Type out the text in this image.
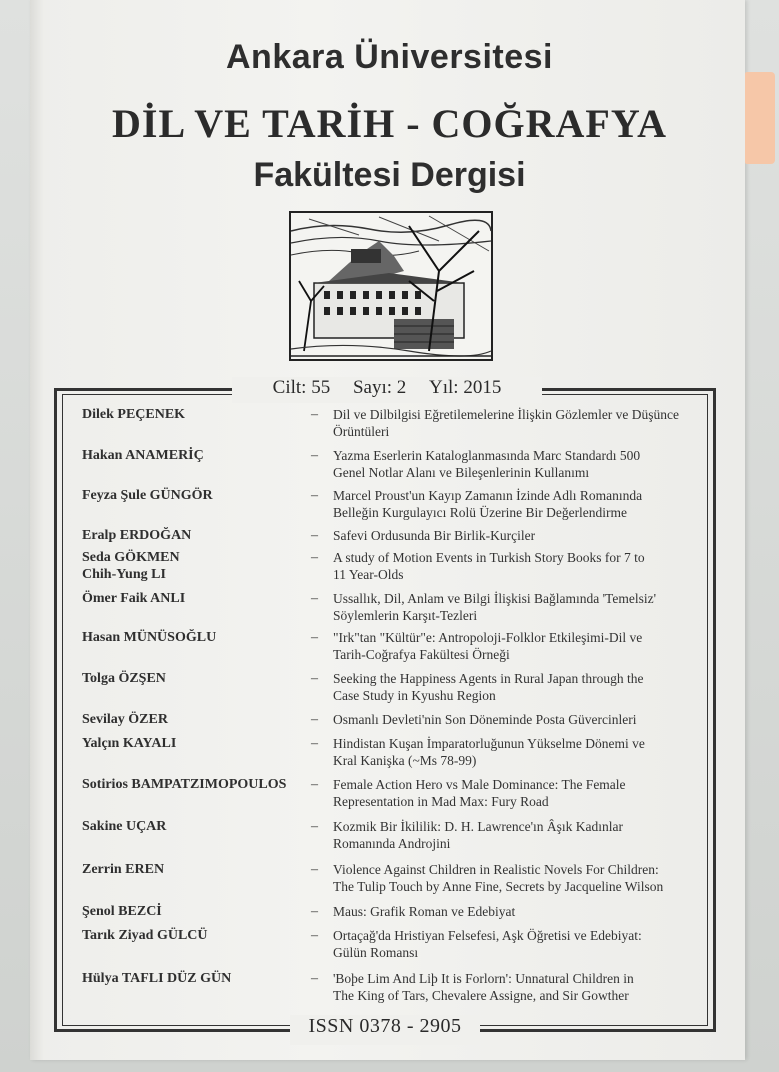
Ankara Üniversitesi
DİL VE TARİH - COĞRAFYA
Fakültesi Dergisi
Cilt: 55 Sayı: 2 Yıl: 2015
Dilek PEÇENEK	–	Dil ve Dilbilgisi Eğretilemelerine İlişkin Gözlemler ve Düşünce
Örüntüleri
Hakan ANAMERİÇ	–	Yazma Eserlerin Kataloglanmasında Marc Standardı 500
Genel Notlar Alanı ve Bileşenlerinin Kullanımı
Feyza Şule GÜNGÖR	–	Marcel Proust'un Kayıp Zamanın İzinde Adlı Romanında
Belleğin Kurgulayıcı Rolü Üzerine Bir Değerlendirme
Eralp ERDOĞAN	–	Safevi Ordusunda Bir Birlik-Kurçiler
Seda GÖKMEN
Chih-Yung LI
–	A study of Motion Events in Turkish Story Books for 7 to
11 Year-Olds
Ömer Faik ANLI	–	Ussallık, Dil, Anlam ve Bilgi İlişkisi Bağlamında 'Temelsiz'
Söylemlerin Karşıt-Tezleri
Hasan MÜNÜSOĞLU	–	"Irk"tan "Kültür"e: Antropoloji-Folklor Etkileşimi-Dil ve
Tarih-Coğrafya Fakültesi Örneği
Tolga ÖZŞEN	–	Seeking the Happiness Agents in Rural Japan through the
Case Study in Kyushu Region
Sevilay ÖZER	–	Osmanlı Devleti'nin Son Döneminde Posta Güvercinleri
Yalçın KAYALI	–	Hindistan Kuşan İmparatorluğunun Yükselme Dönemi ve
Kral Kanişka (~Ms 78-99)
Sotirios BAMPATZIMOPOULOS	–	Female Action Hero vs Male Dominance: The Female
Representation in Mad Max: Fury Road
Sakine UÇAR	–	Kozmik Bir İkililik: D. H. Lawrence'ın Âşık Kadınlar
Romanında Androjini
Zerrin EREN	–	Violence Against Children in Realistic Novels For Children:
The Tulip Touch by Anne Fine, Secrets by Jacqueline Wilson
Şenol BEZCİ	–	Maus: Grafik Roman ve Edebiyat
Tarık Ziyad GÜLCÜ	–	Ortaçağ'da Hristiyan Felsefesi, Aşk Öğretisi ve Edebiyat:
Gülün Romansı
Hülya TAFLI DÜZ GÜN	–	'Boþe Lim And Liþ It is Forlorn': Unnatural Children in
The King of Tars, Chevalere Assigne, and Sir Gowther
ISSN 0378 - 2905
